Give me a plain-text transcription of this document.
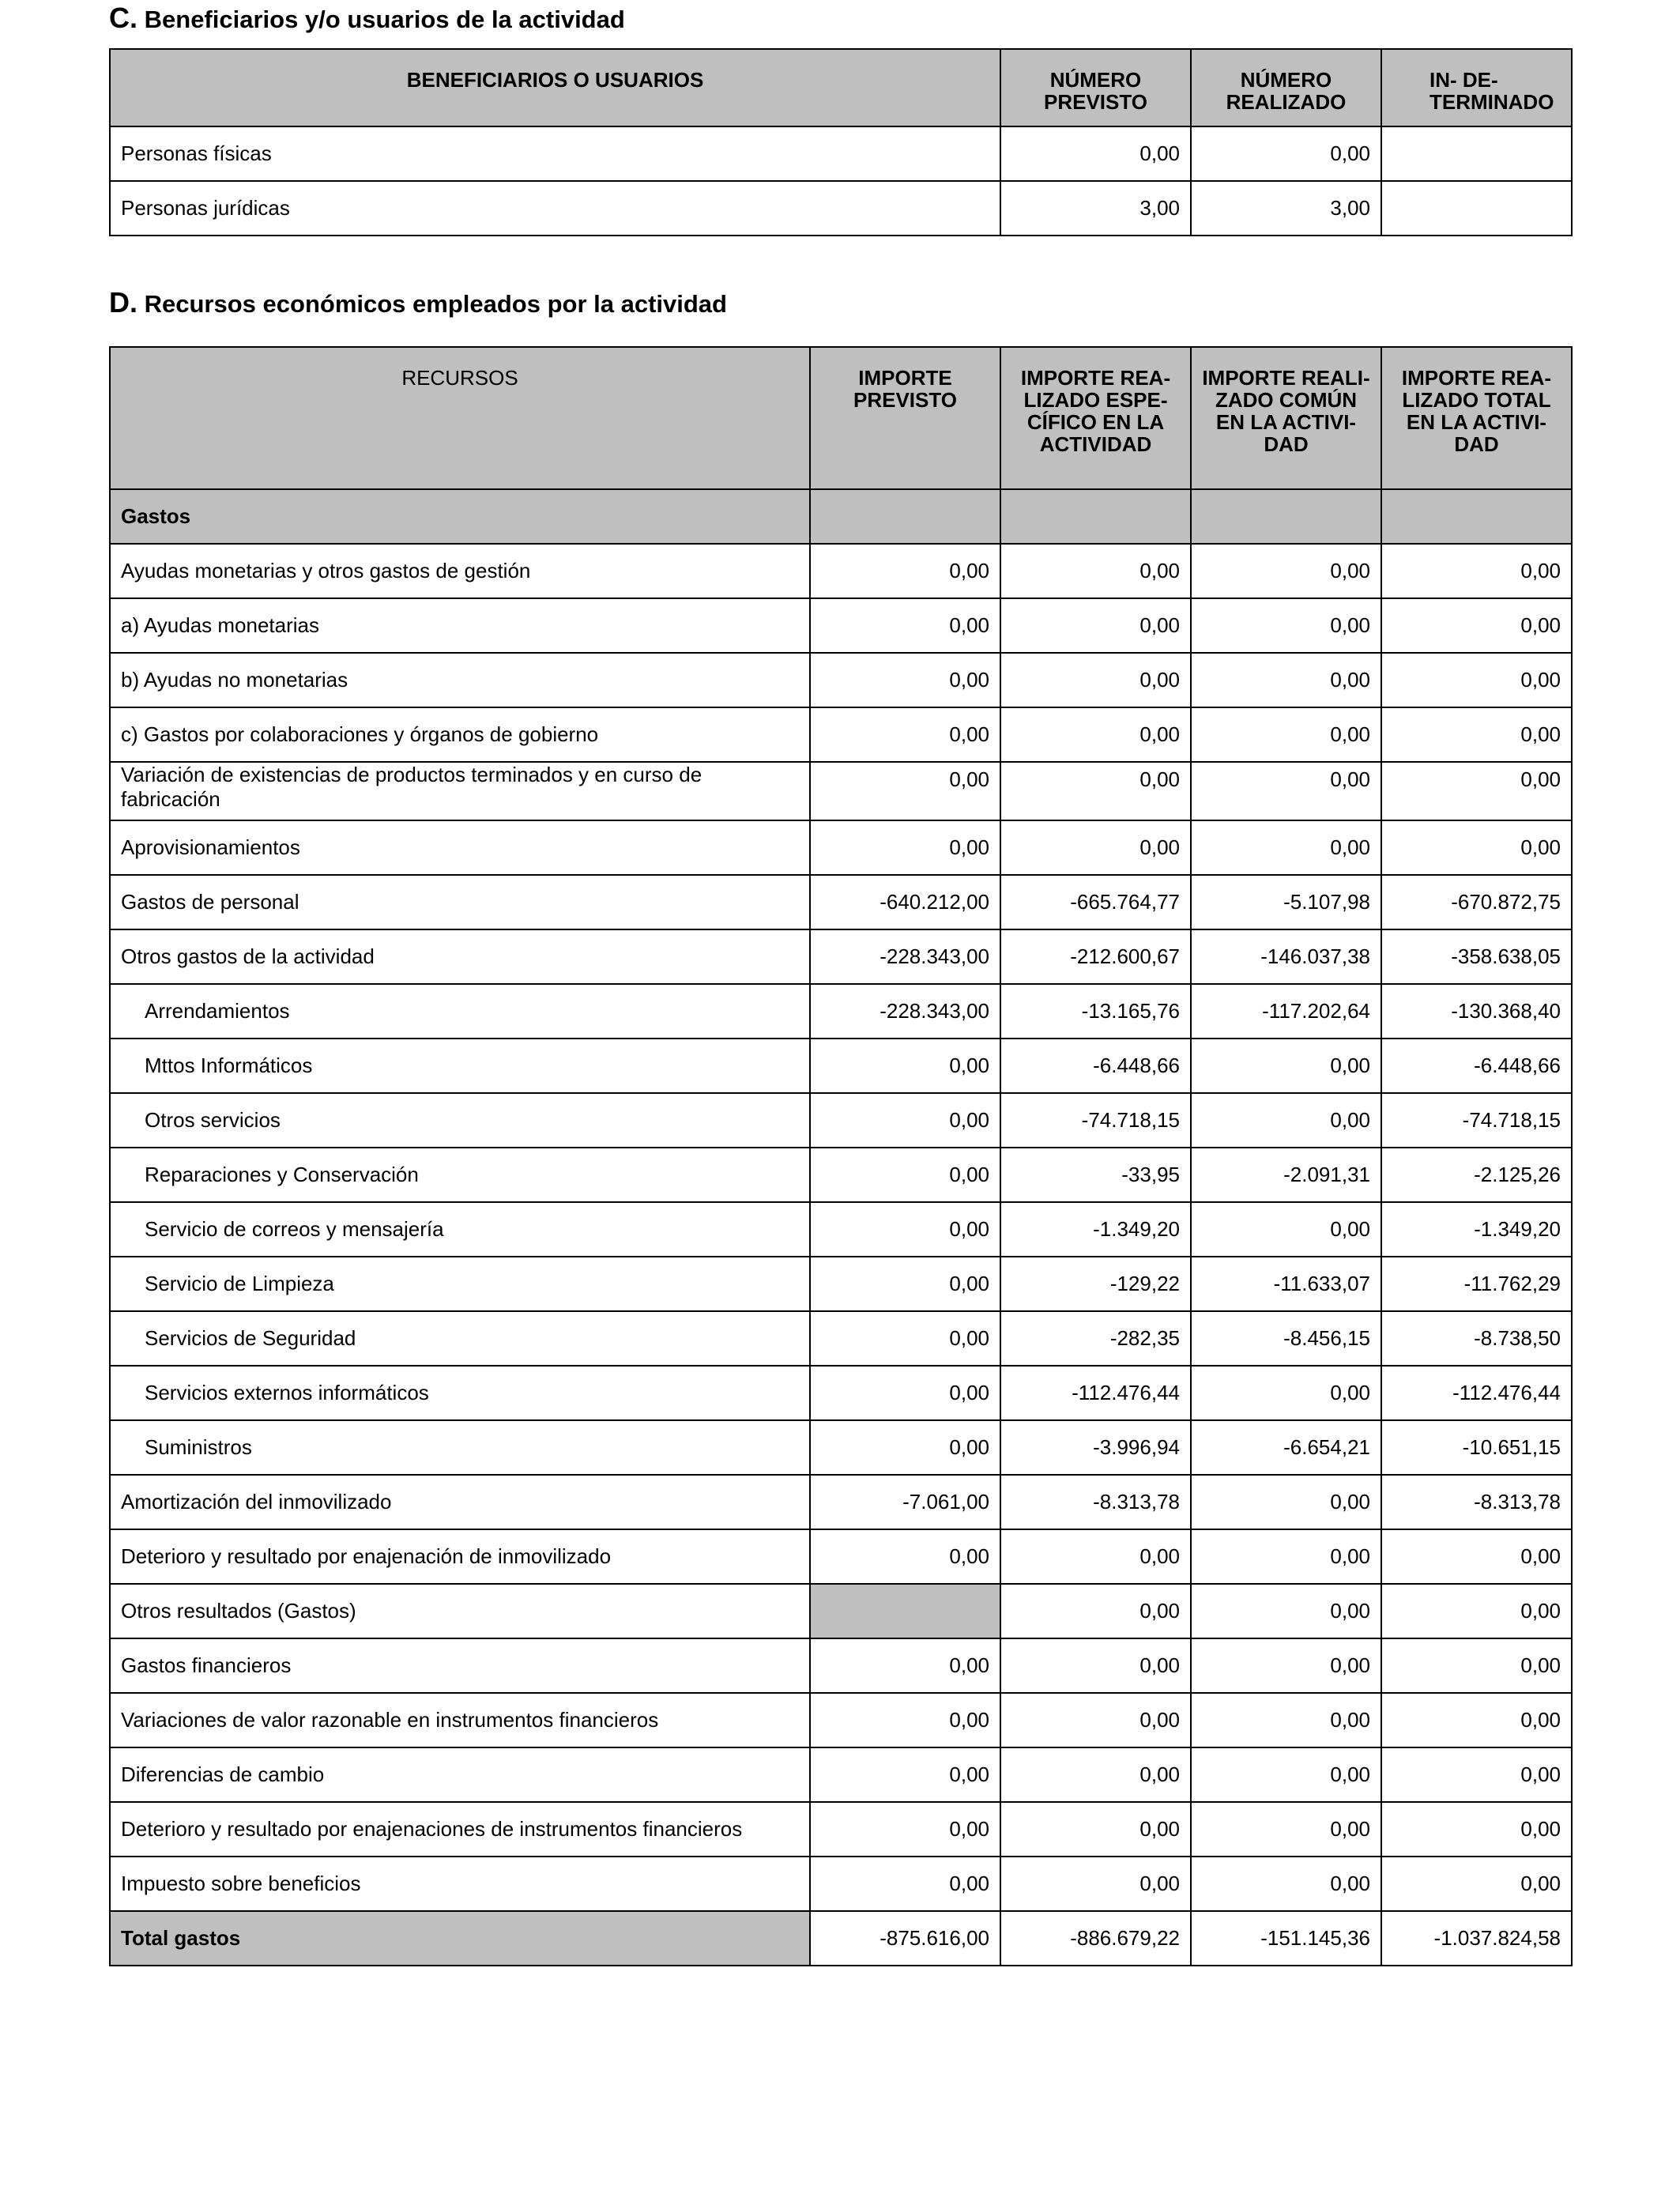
C. Beneficiarios y/o usuarios de la actividad
BENEFICIARIOS O USUARIOS	NÚMERO PREVISTO	NÚMERO REALIZADO	IN- DE- TERMINADO
Personas físicas	0,00	0,00	
Personas jurídicas	3,00	3,00	
D. Recursos económicos empleados por la actividad
RECURSOS	IMPORTE PREVISTO	IMPORTE REA- LIZADO ESPE- CÍFICO EN LA ACTIVIDAD	IMPORTE REALI- ZADO COMÚN EN LA ACTIVI- DAD	IMPORTE REA- LIZADO TOTAL EN LA ACTIVI- DAD
Gastos				
Ayudas monetarias y otros gastos de gestión	0,00	0,00	0,00	0,00
a) Ayudas monetarias	0,00	0,00	0,00	0,00
b) Ayudas no monetarias	0,00	0,00	0,00	0,00
c) Gastos por colaboraciones y órganos de gobierno	0,00	0,00	0,00	0,00
Variación de existencias de productos terminados y en curso de fabricación	0,00	0,00	0,00	0,00
Aprovisionamientos	0,00	0,00	0,00	0,00
Gastos de personal	-640.212,00	-665.764,77	-5.107,98	-670.872,75
Otros gastos de la actividad	-228.343,00	-212.600,67	-146.037,38	-358.638,05
Arrendamientos	-228.343,00	-13.165,76	-117.202,64	-130.368,40
Mttos Informáticos	0,00	-6.448,66	0,00	-6.448,66
Otros servicios	0,00	-74.718,15	0,00	-74.718,15
Reparaciones y Conservación	0,00	-33,95	-2.091,31	-2.125,26
Servicio de correos y mensajería	0,00	-1.349,20	0,00	-1.349,20
Servicio de Limpieza	0,00	-129,22	-11.633,07	-11.762,29
Servicios de Seguridad	0,00	-282,35	-8.456,15	-8.738,50
Servicios externos informáticos	0,00	-112.476,44	0,00	-112.476,44
Suministros	0,00	-3.996,94	-6.654,21	-10.651,15
Amortización del inmovilizado	-7.061,00	-8.313,78	0,00	-8.313,78
Deterioro y resultado por enajenación de inmovilizado	0,00	0,00	0,00	0,00
Otros resultados (Gastos)		0,00	0,00	0,00
Gastos financieros	0,00	0,00	0,00	0,00
Variaciones de valor razonable en instrumentos financieros	0,00	0,00	0,00	0,00
Diferencias de cambio	0,00	0,00	0,00	0,00
Deterioro y resultado por enajenaciones de instrumentos financieros	0,00	0,00	0,00	0,00
Impuesto sobre beneficios	0,00	0,00	0,00	0,00
Total gastos	-875.616,00	-886.679,22	-151.145,36	-1.037.824,58
